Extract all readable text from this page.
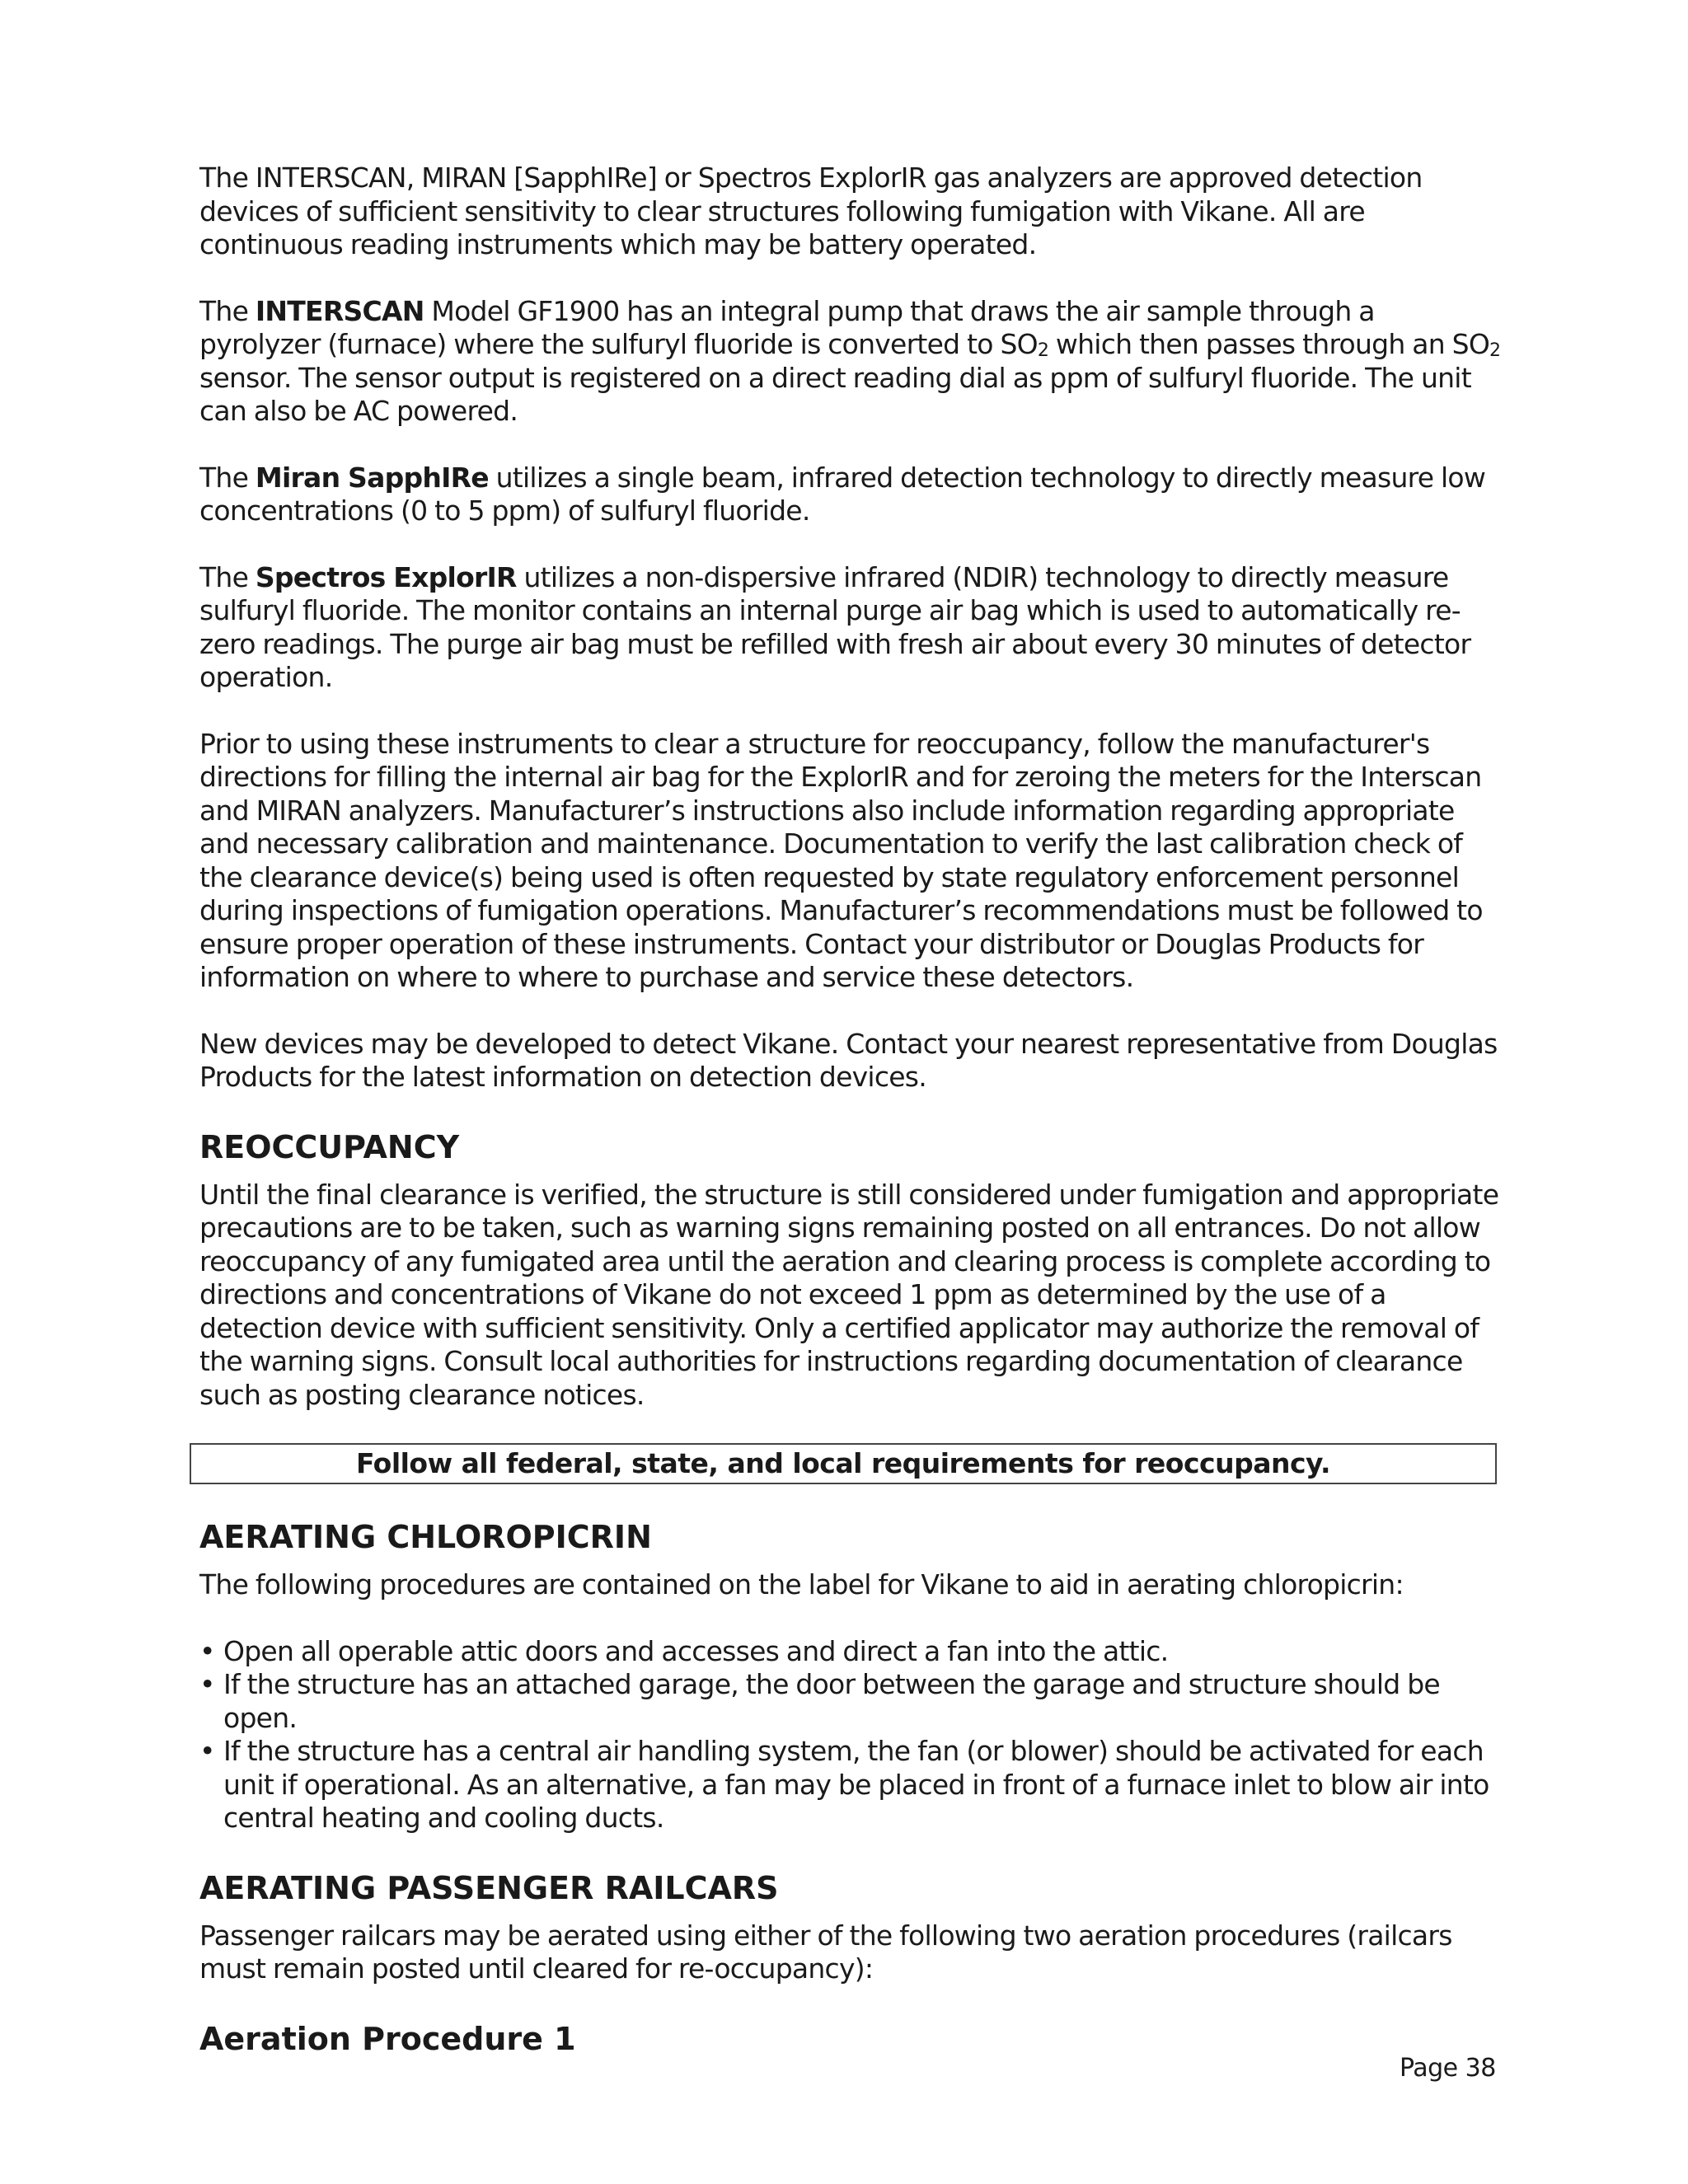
The INTERSCAN, MIRAN [SapphIRe] or Spectros ExplorIR gas analyzers are approved detection devices of sufficient sensitivity to clear structures following fumigation with Vikane. All are continuous reading instruments which may be battery operated.

The INTERSCAN Model GF1900 has an integral pump that draws the air sample through a pyrolyzer (furnace) where the sulfuryl fluoride is converted to $SO_2$ which then passes through an $SO_2$ sensor. The sensor output is registered on a direct reading dial as ppm of sulfuryl fluoride. The unit can also be AC powered.

The Miran SapphIRe utilizes a single beam, infrared detection technology to directly measure low concentrations (0 to 5 ppm) of sulfuryl fluoride.

The Spectros ExplorIR utilizes a non-dispersive infrared (NDIR) technology to directly measure sulfuryl fluoride. The monitor contains an internal purge air bag which is used to automatically re-zero readings. The purge air bag must be refilled with fresh air about every 30 minutes of detector operation.

Prior to using these instruments to clear a structure for reoccupancy, follow the manufacturer's directions for filling the internal air bag for the ExplorIR and for zeroing the meters for the Interscan and MIRAN analyzers. Manufacturer’s instructions also include information regarding appropriate and necessary calibration and maintenance. Documentation to verify the last calibration check of the clearance device(s) being used is often requested by state regulatory enforcement personnel during inspections of fumigation operations. Manufacturer’s recommendations must be followed to ensure proper operation of these instruments. Contact your distributor or Douglas Products for information on where to where to purchase and service these detectors.

New devices may be developed to detect Vikane. Contact your nearest representative from Douglas Products for the latest information on detection devices.

REOCCUPANCY

Until the final clearance is verified, the structure is still considered under fumigation and appropriate precautions are to be taken, such as warning signs remaining posted on all entrances. Do not allow reoccupancy of any fumigated area until the aeration and clearing process is complete according to directions and concentrations of Vikane do not exceed 1 ppm as determined by the use of a detection device with sufficient sensitivity. Only a certified applicator may authorize the removal of the warning signs. Consult local authorities for instructions regarding documentation of clearance such as posting clearance notices.

Follow all federal, state, and local requirements for reoccupancy.
AERATING CHLOROPICRIN

The following procedures are contained on the label for Vikane to aid in aerating chloropicrin:

• Open all operable attic doors and accesses and direct a fan into the attic.
• If the structure has an attached garage, the door between the garage and structure should be open.
• If the structure has a central air handling system, the fan (or blower) should be activated for each unit if operational. As an alternative, a fan may be placed in front of a furnace inlet to blow air into central heating and cooling ducts.
AERATING PASSENGER RAILCARS

Passenger railcars may be aerated using either of the following two aeration procedures (railcars must remain posted until cleared for re-occupancy):

Aeration Procedure 1
Page 38
